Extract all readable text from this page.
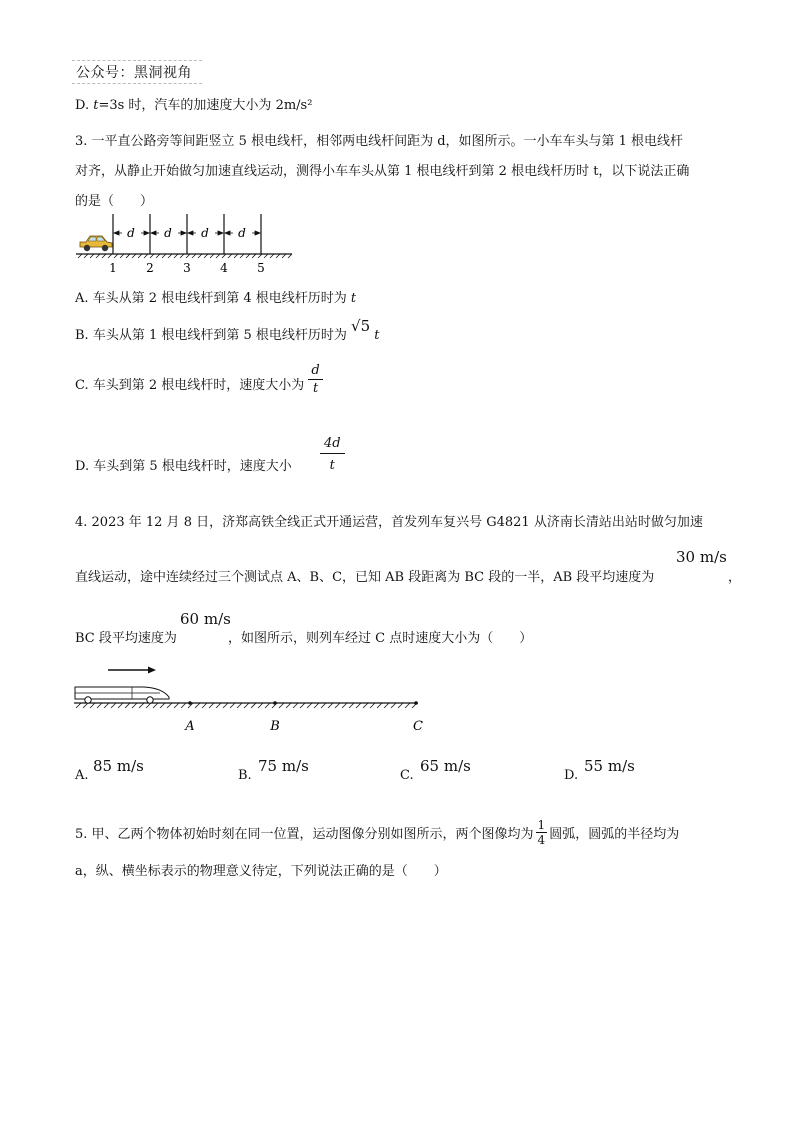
公众号：黑洞视角
D. t=3s 时，汽车的加速度大小为 2m/s²
3. 一平直公路旁等间距竖立 5 根电线杆，相邻两电线杆间距为 d，如图所示。一小车车头与第 1 根电线杆
对齐，从静止开始做匀加速直线运动，测得小车车头从第 1 根电线杆到第 2 根电线杆历时 t，以下说法正确
的是（　　）
d d d d
1 2 3 4 5
A. 车头从第 2 根电线杆到第 4 根电线杆历时为 t
B. 车头从第 1 根电线杆到第 5 根电线杆历时为 √5 t
C. 车头到第 2 根电线杆时，速度大小为 $\frac{d}{t}$
D. 车头到第 5 根电线杆时，速度大小 $\frac{4d}{t}$
4. 2023 年 12 月 8 日，济郑高铁全线正式开通运营，首发列车复兴号 G4821 从济南长清站出站时做匀加速
直线运动，途中连续经过三个测试点 A、B、C，已知 AB 段距离为 BC 段的一半，AB 段平均速度为
30 m/s
，
BC 段平均速度为
60 m/s
，如图所示，则列车经过 C 点时速度大小为（　　）
A	B	C
A.
85 m/s
B.
75 m/s
C.
65 m/s
D.
55 m/s
5. 甲、乙两个物体初始时刻在同一位置，运动图像分别如图所示，两个图像均为 $\frac{1}{4}$ 圆弧，圆弧的半径均为
a，纵、横坐标表示的物理意义待定，下列说法正确的是（　　）
